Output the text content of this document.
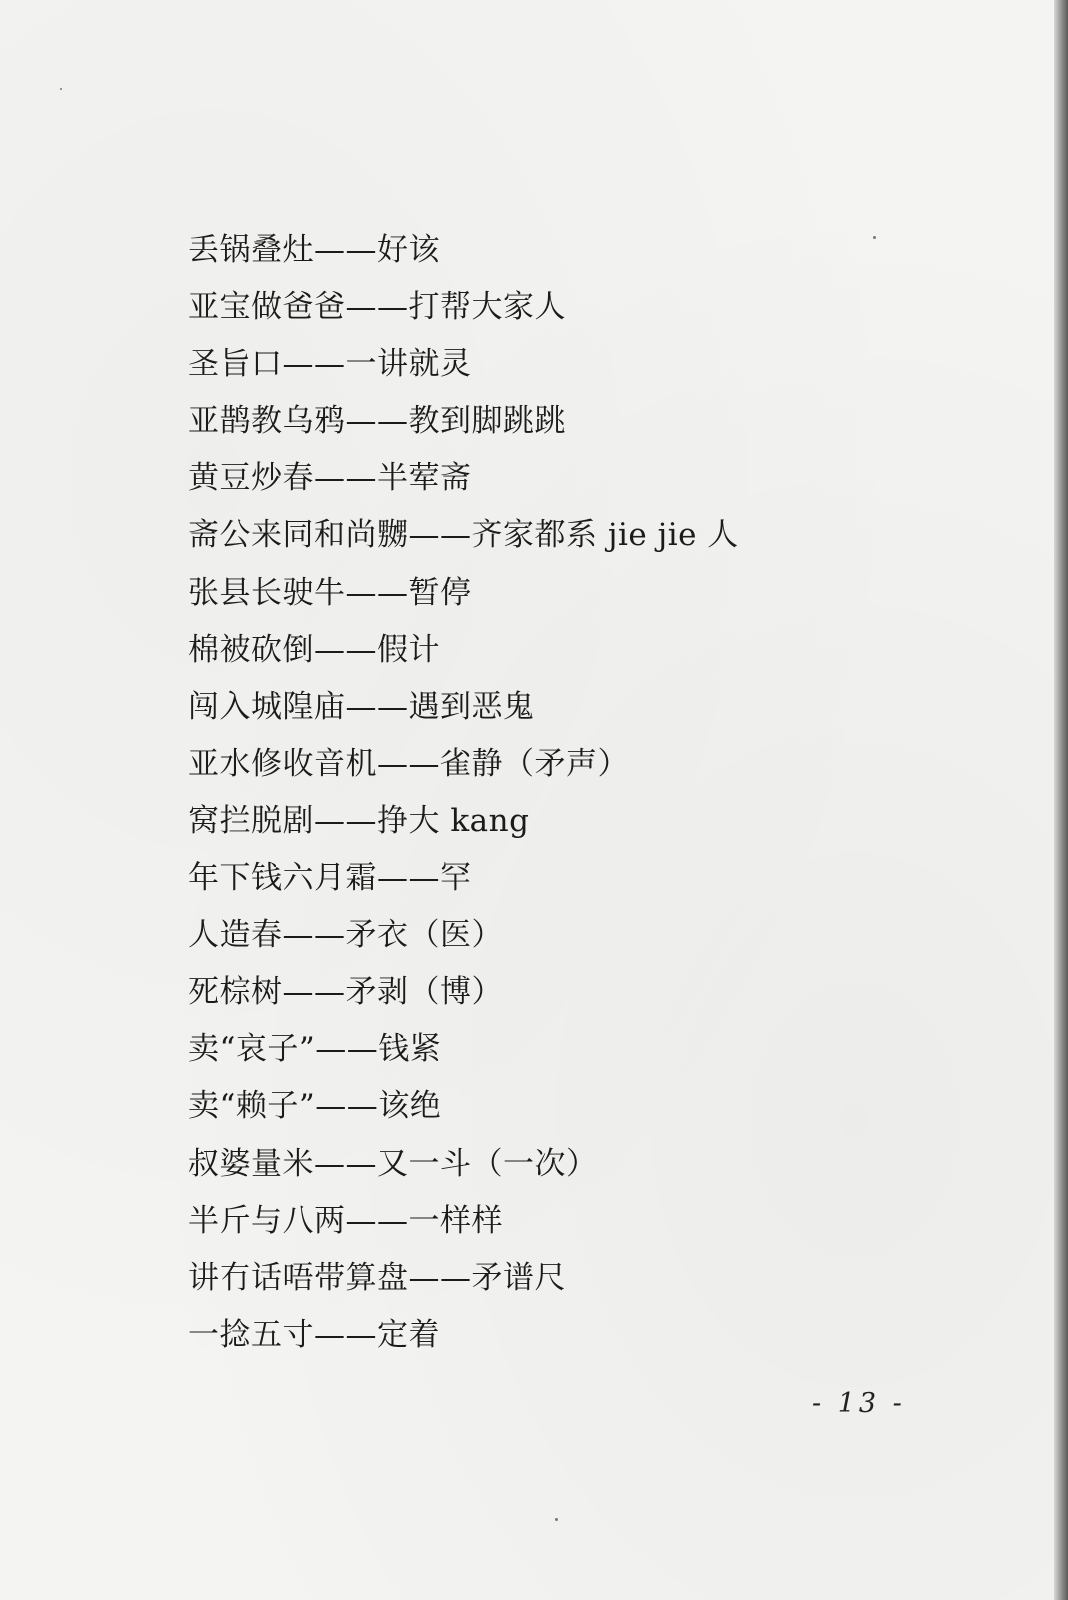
丢锅叠灶——好该
亚宝做爸爸——打帮大家人
圣旨口——一讲就灵
亚鹊教乌鸦——教到脚跳跳
黄豆炒春——半荤斋
斋公来同和尚嬲——齐家都系 jie jie 人
张县长驶牛——暂停
棉被砍倒——假计
闯入城隍庙——遇到恶鬼
亚水修收音机——雀静（矛声）
窝拦脱剧——挣大 kang
年下钱六月霜——罕
人造春——矛衣（医）
死棕树——矛剥（博）
卖“哀子”——钱紧
卖“赖子”——该绝
叔婆量米——又一斗（一次）
半斤与八两——一样样
讲冇话唔带算盘——矛谱尺
一捻五寸——定着
- 13 -
